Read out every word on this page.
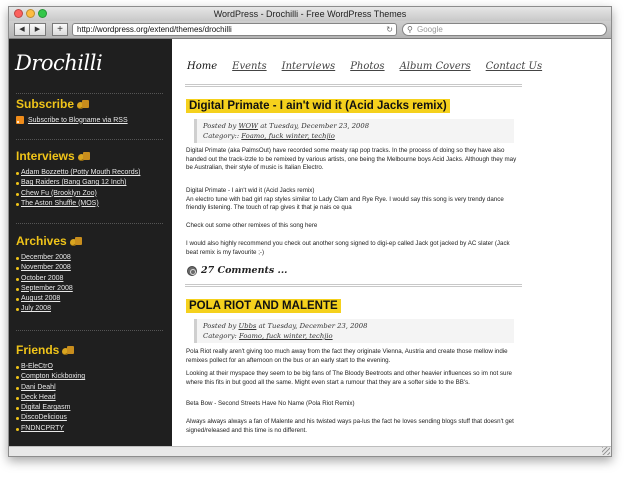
WordPress - Drochilli - Free WordPress Themes
◀	▶	+	http://wordpress.org/extend/themes/drochilli	↻ ⚲ Google
Drochilli
Subscribe
Subscribe to Blogname via RSS
Interviews
Adam Bozzetto (Potty Mouth Records)
Bag Raiders (Bang Gang 12 Inch)
Chew Fu (Brooklyn Zoo)
The Aston Shuffle (MOS)
Archives
December 2008
November 2008
October 2008
September 2008
August 2008
July 2008
Friends
B-EleCtrO
Compton Kickboxing
Dani Deahl
Deck Head
Digital Eargasm
DiscoDelicious
FNDNCPRTY
Home Events Interviews Photos Album Covers Contact Us
Digital Primate - I ain't wid it (Acid Jacks remix)
Posted by WOW at Tuesday, December 23, 2008
Category:: Foamo, fuck winter, techjio
Digital Primate (aka PalmsOut) have recorded some meaty rap pop tracks. In the process of doing so they have also handed out the track-izzle to be remixed by various artists, one being the Melbourne boys Acid Jacks. Although they may be Australian, their style of music is Italian Electro.
Digital Primate - I ain't wid it (Acid Jacks remix)
An electro tune with bad girl rap styles similar to Lady Clam and Rye Rye. I would say this song is very trendy dance friendly listening. The touch of rap gives it that je nais ce qua
Check out some other remixes of this song here
I would also highly recommend you check out another song signed to digi-ep called Jack got jacked by AC slater (Jack beat remix is my favourite ;-)
27 Comments ...
POLA RIOT AND MALENTE
Posted by Ubbs at Tuesday, December 23, 2008
Category: Foamo, fuck winter, techjio
Pola Riot really aren't giving too much away from the fact they originate Vienna, Austria and create those mellow indie remixes pollect for an afternoon on the bus or an early start to the evening.
Looking at their myspace they seem to be big fans of The Bloody Beetroots and other heavier influences so im not sure where this fits in but good all the same. Might even start a rumour that they are a softer side to the BB's.
Beta Bow - Second Streets Have No Name (Pola Riot Remix)
Always always always a fan of Malente and his twisted ways pa-lus the fact he loves sending blogs stuff that doesn't get signed/released and this time is no different.
